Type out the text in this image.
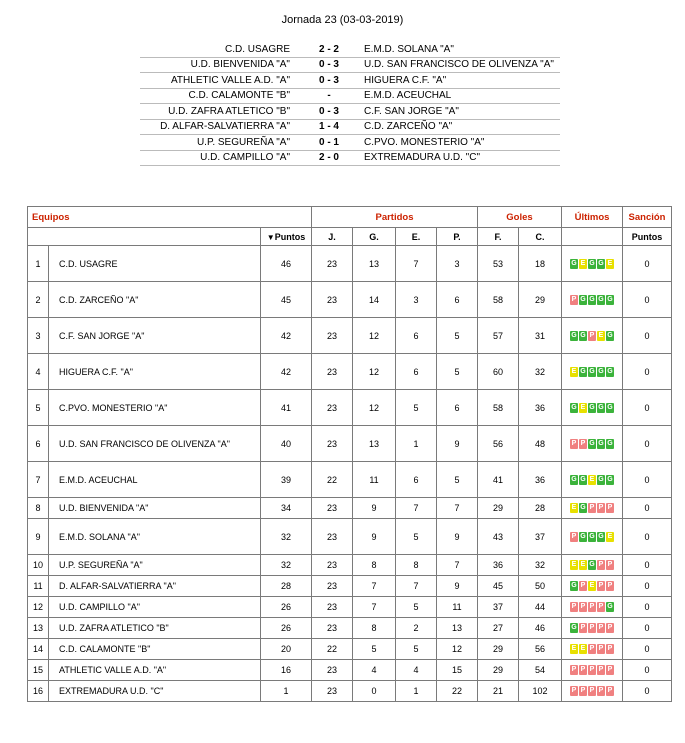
Jornada 23 (03-03-2019)
C.D. USAGRE	2 - 2	E.M.D. SOLANA "A"
U.D. BIENVENIDA "A"	0 - 3	U.D. SAN FRANCISCO DE OLIVENZA "A"
ATHLETIC VALLE A.D. "A"	0 - 3	HIGUERA C.F. "A"
C.D. CALAMONTE "B"	-	E.M.D. ACEUCHAL
U.D. ZAFRA ATLETICO "B"	0 - 3	C.F. SAN JORGE "A"
D. ALFAR-SALVATIERRA "A"	1 - 4	C.D. ZARCEÑO "A"
U.P. SEGUREÑA "A"	0 - 1	C.PVO. MONESTERIO "A"
U.D. CAMPILLO "A"	2 - 0	EXTREMADURA U.D. "C"
Equipos			Partidos				Goles		Últimos	Sanción
		▼Puntos	J.	G.	E.	P.	F.	C.		Puntos
1	C.D. USAGRE	46	23	13	7	3	53	18	G E G G E	0
2	C.D. ZARCEÑO "A"	45	23	14	3	6	58	29	P G G G G	0
3	C.F. SAN JORGE "A"	42	23	12	6	5	57	31	G G P E G	0
4	HIGUERA C.F. "A"	42	23	12	6	5	60	32	E G G G G	0
5	C.PVO. MONESTERIO "A"	41	23	12	5	6	58	36	G E G G G	0
6	U.D. SAN FRANCISCO DE OLIVENZA "A"	40	23	13	1	9	56	48	P P G G G	0
7	E.M.D. ACEUCHAL	39	22	11	6	5	41	36	G G E G G	0
8	U.D. BIENVENIDA "A"	34	23	9	7	7	29	28	E G P P P	0
9	E.M.D. SOLANA "A"	32	23	9	5	9	43	37	P G G G E	0
10	U.P. SEGUREÑA "A"	32	23	8	8	7	36	32	E E G P P	0
11	D. ALFAR-SALVATIERRA "A"	28	23	7	7	9	45	50	G P E P P	0
12	U.D. CAMPILLO "A"	26	23	7	5	11	37	44	P P P P G	0
13	U.D. ZAFRA ATLETICO "B"	26	23	8	2	13	27	46	G P P P P	0
14	C.D. CALAMONTE "B"	20	22	5	5	12	29	56	E E P P P	0
15	ATHLETIC VALLE A.D. "A"	16	23	4	4	15	29	54	P P P P P	0
16	EXTREMADURA U.D. "C"	1	23	0	1	22	21	102	P P P P P	0
